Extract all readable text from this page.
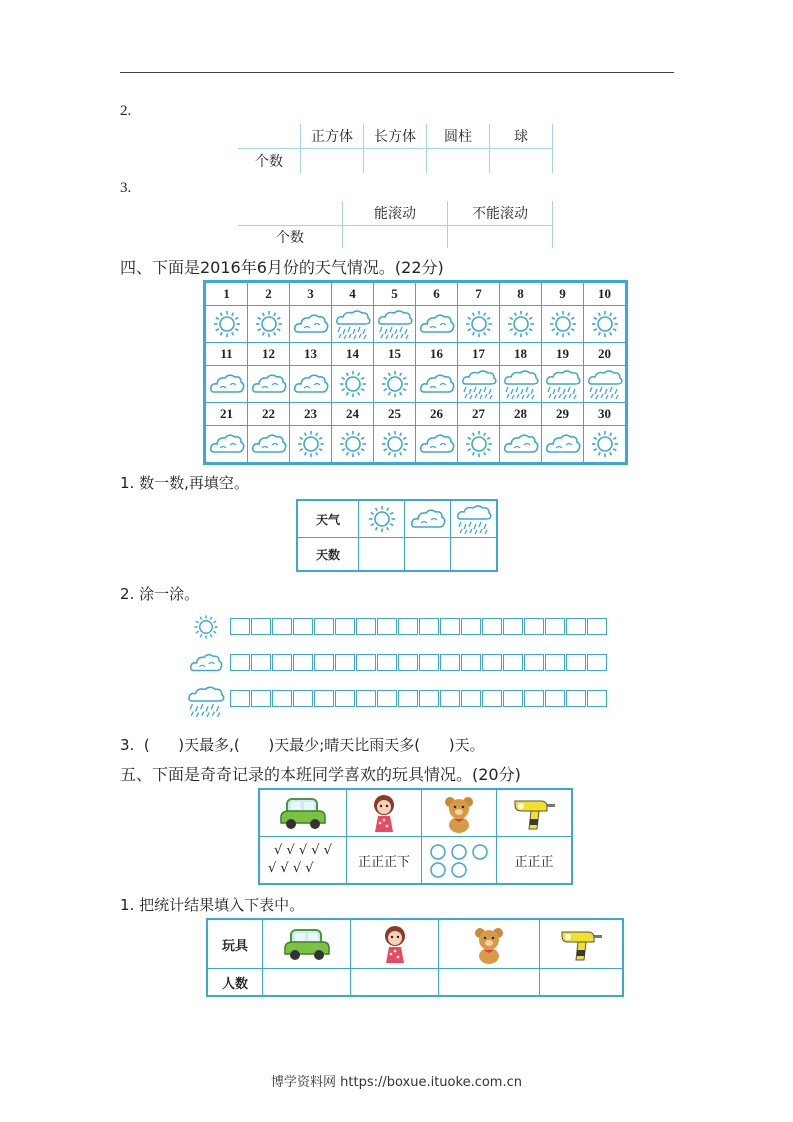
2.
	正方体	长方体	圆柱	球
个数				
3.
	能滚动	不能滚动
个数		
四、下面是2016年6月份的天气情况。(22分)
1	2	3	4	5	6	7	8	9	10

11	12	13	14	15	16	17	18	19	20

21	22	23	24	25	26	27	28	29	30

1. 数一数,再填空。
天气	

天数			
2. 涂一涂。
3.  (      )天最多,(      )天最少;晴天比雨天多(      )天。
五、下面是奇奇记录的本班同学喜欢的玩具情况。(20分)

√ √ √ √ √
√ √ √ √	正正正下		正正正
1. 把统计结果填入下表中。
玩具	

人数				
博学资料网 https://boxue.ituoke.com.cn
